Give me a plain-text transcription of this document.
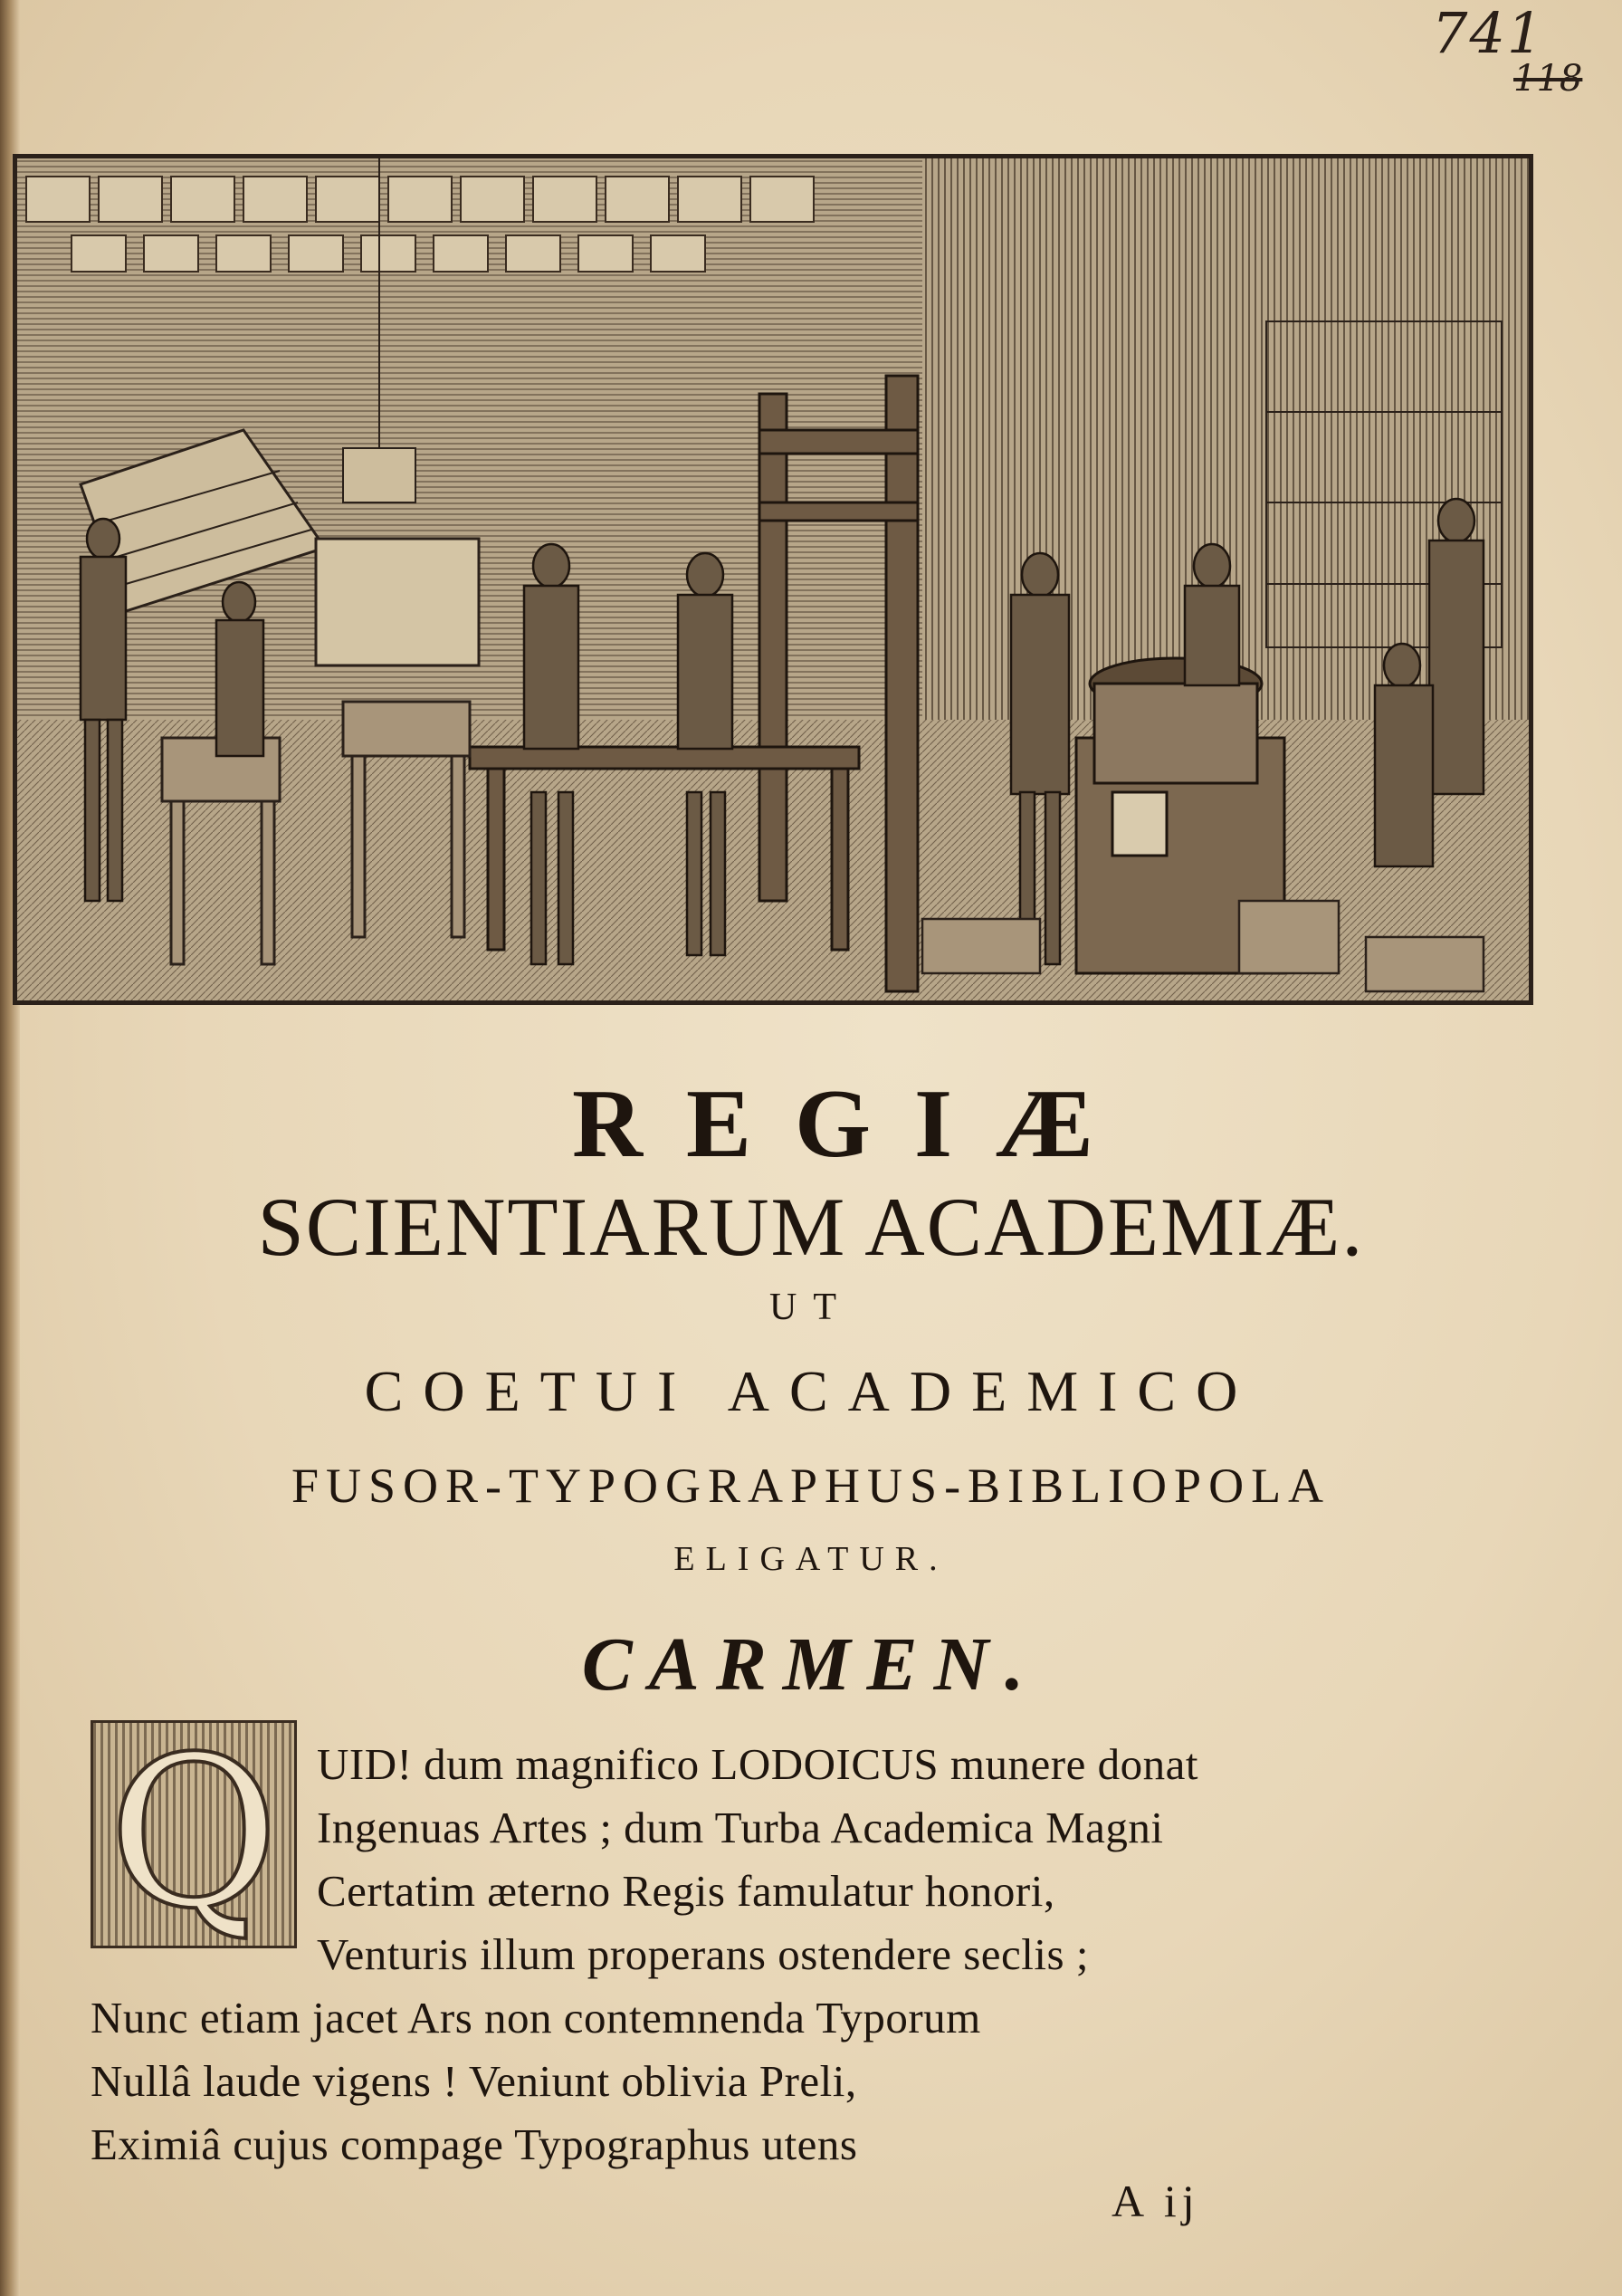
741
118
REGIÆ
SCIENTIARUM ACADEMIÆ.
UT
COETUI ACADEMICO
FUSOR-TYPOGRAPHUS-BIBLIOPOLA
ELIGATUR.
CARMEN.
Q UID! dum magnifico LODOICUS munere donat
Ingenuas Artes ; dum Turba Academica Magni
Certatim æterno Regis famulatur honori,
Venturis illum properans ostendere seclis ;
Nunc etiam jacet Ars non contemnenda Typorum
Nullâ laude vigens ! Veniunt oblivia Preli,
Eximiâ cujus compage Typographus utens
A ij
